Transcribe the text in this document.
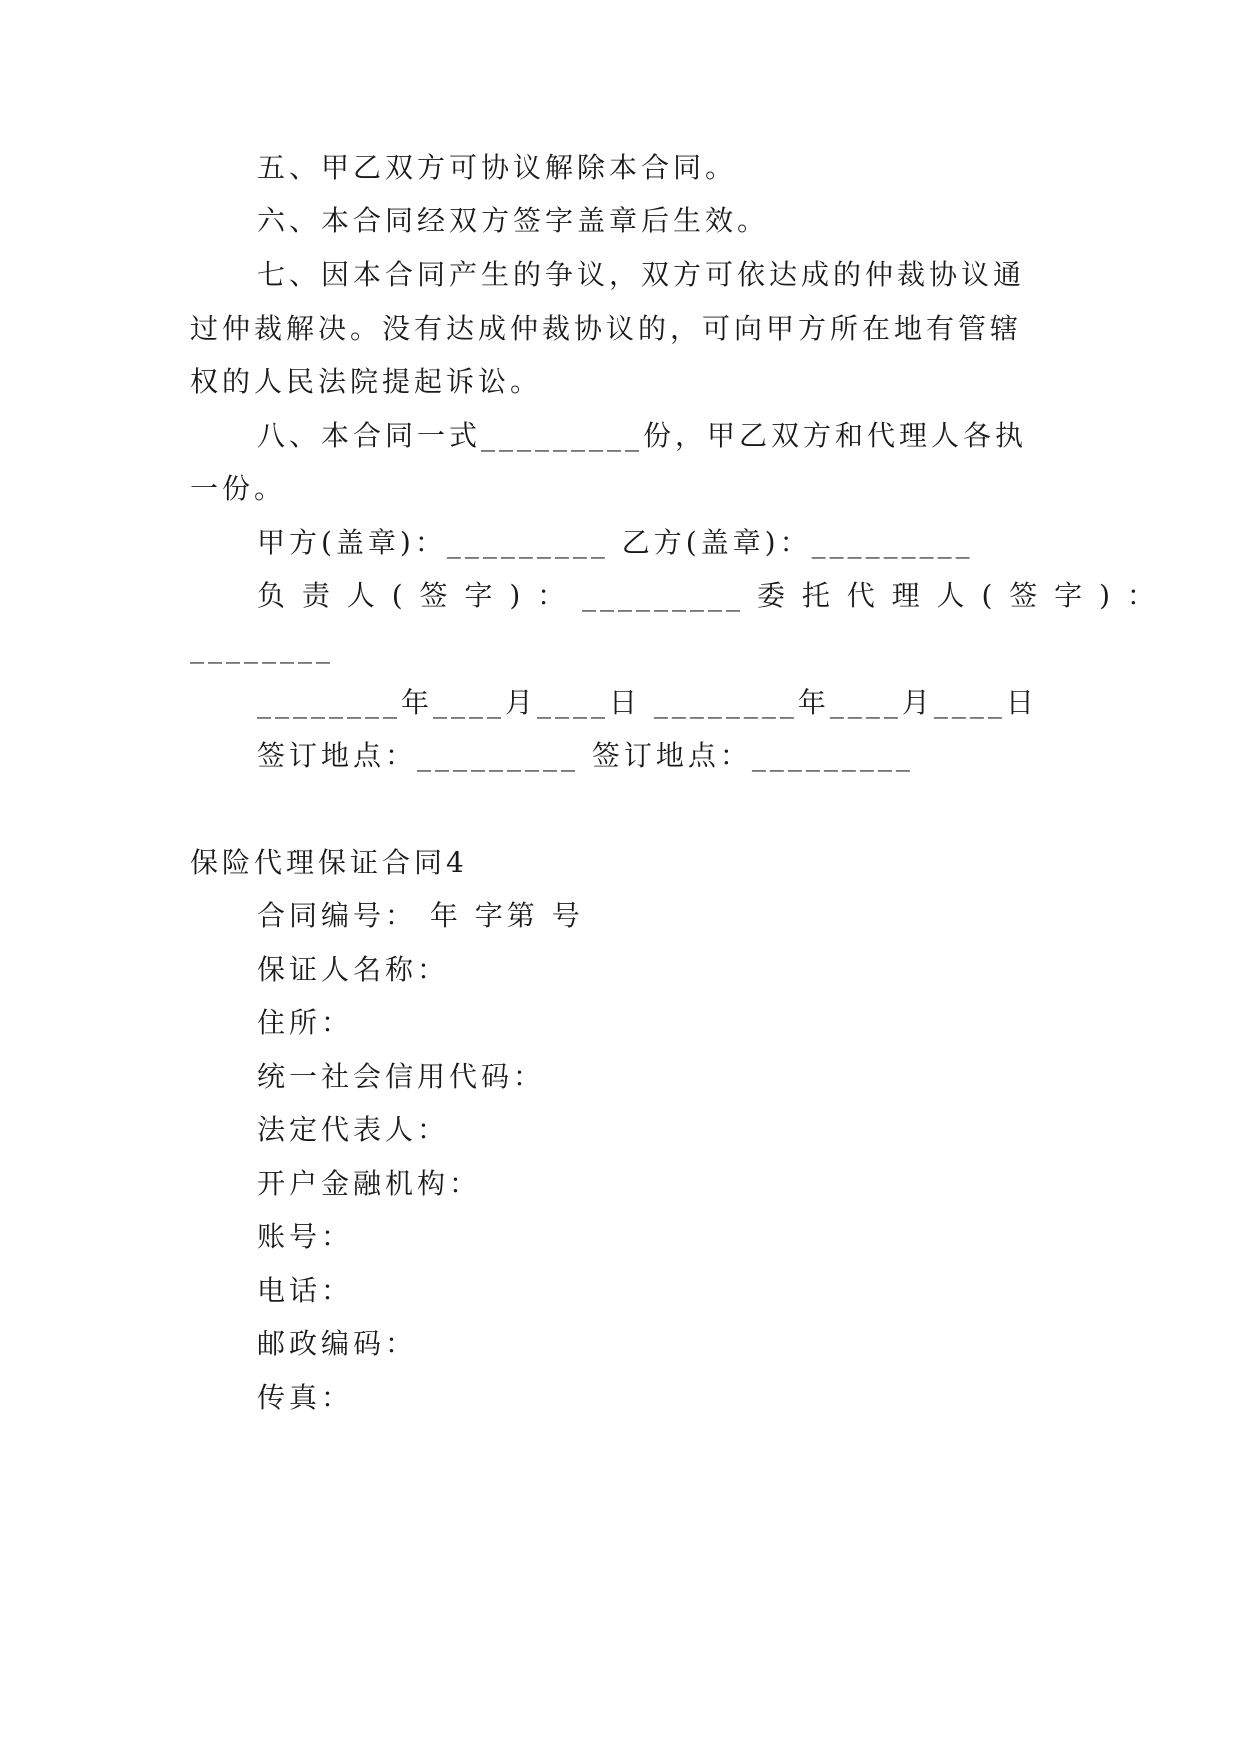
五、甲乙双方可协议解除本合同。
六、本合同经双方签字盖章后生效。
七、因本合同产生的争议，双方可依达成的仲裁协议通
过仲裁解决。没有达成仲裁协议的，可向甲方所在地有管辖
权的人民法院提起诉讼。
八、本合同一式_________份，甲乙双方和代理人各执
一份。
甲方(盖章)：_________ 乙方(盖章)：_________
负 责 人 ( 签 字 ) ： _________ 委 托 代 理 人 ( 签 字 ) ：
________
________年____月____日 ________年____月____日
签订地点：_________ 签订地点：_________
保险代理保证合同4
合同编号： 年 字第 号
保证人名称：
住所：
统一社会信用代码：
法定代表人：
开户金融机构：
账号：
电话：
邮政编码：
传真：
